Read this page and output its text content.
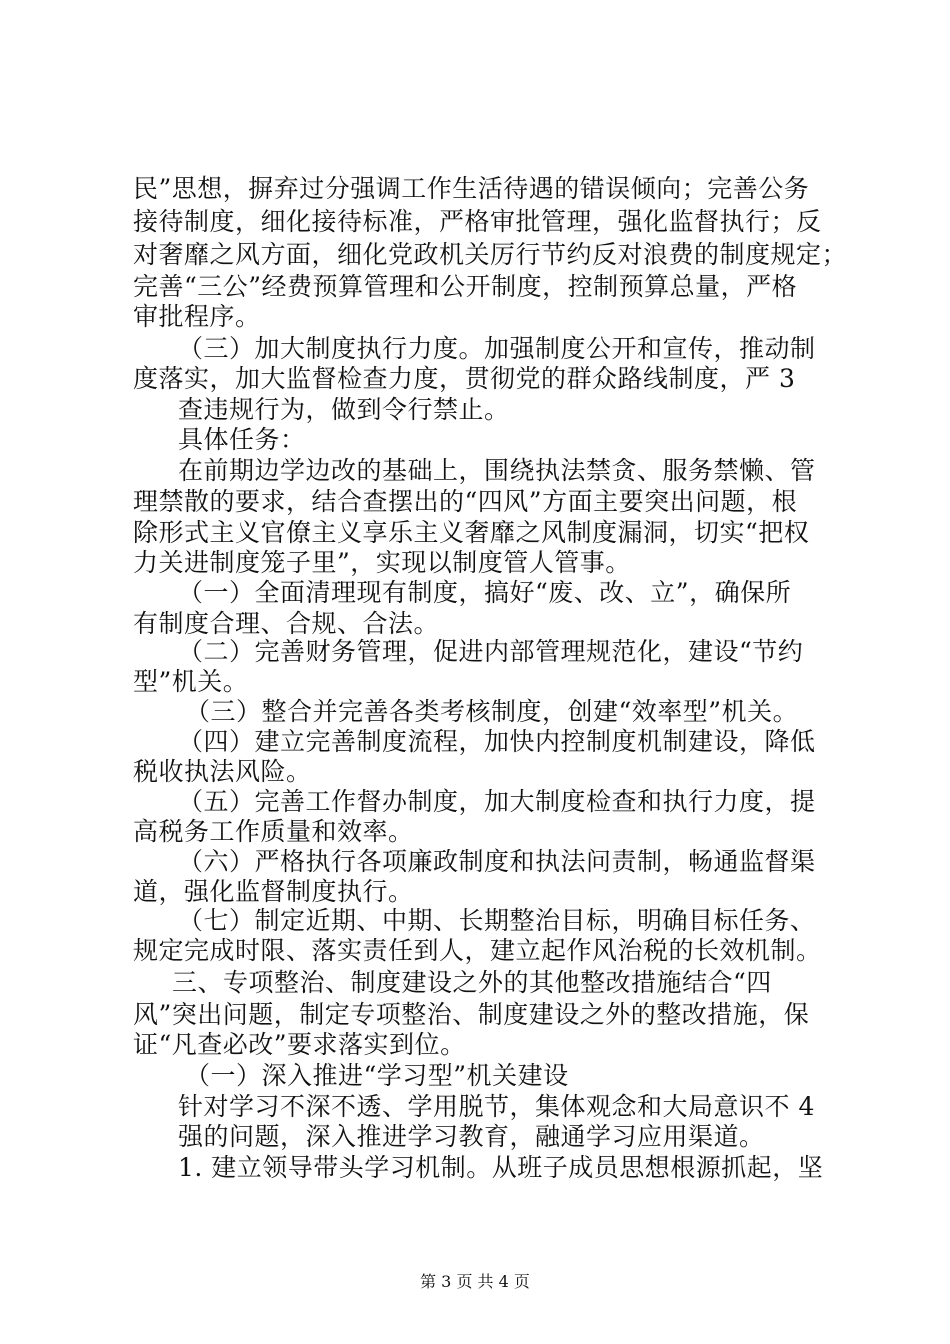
民”思想，摒弃过分强调工作生活待遇的错误倾向；完善公务
接待制度，细化接待标准，严格审批管理，强化监督执行；反
对奢靡之风方面，细化党政机关厉行节约反对浪费的制度规定；
完善“三公”经费预算管理和公开制度，控制预算总量，严格
审批程序。
（三）加大制度执行力度。加强制度公开和宣传，推动制
度落实，加大监督检查力度，贯彻党的群众路线制度，严 3
查违规行为，做到令行禁止。
具体任务：
在前期边学边改的基础上，围绕执法禁贪、服务禁懒、管
理禁散的要求，结合查摆出的“四风”方面主要突出问题，根
除形式主义官僚主义享乐主义奢靡之风制度漏洞，切实“把权
力关进制度笼子里”，实现以制度管人管事。
（一）全面清理现有制度，搞好“废、改、立”，确保所
有制度合理、合规、合法。
（二）完善财务管理，促进内部管理规范化，建设“节约
型”机关。
（三）整合并完善各类考核制度，创建“效率型”机关。
（四）建立完善制度流程，加快内控制度机制建设，降低
税收执法风险。
（五）完善工作督办制度，加大制度检查和执行力度，提
高税务工作质量和效率。
（六）严格执行各项廉政制度和执法问责制，畅通监督渠
道，强化监督制度执行。
（七）制定近期、中期、长期整治目标，明确目标任务、
规定完成时限、落实责任到人，建立起作风治税的长效机制。
三、专项整治、制度建设之外的其他整改措施结合“四
风”突出问题，制定专项整治、制度建设之外的整改措施，保
证“凡查必改”要求落实到位。
（一）深入推进“学习型”机关建设
针对学习不深不透、学用脱节，集体观念和大局意识不 4
强的问题，深入推进学习教育，融通学习应用渠道。
1. 建立领导带头学习机制。从班子成员思想根源抓起，坚
第 3 页 共 4 页
